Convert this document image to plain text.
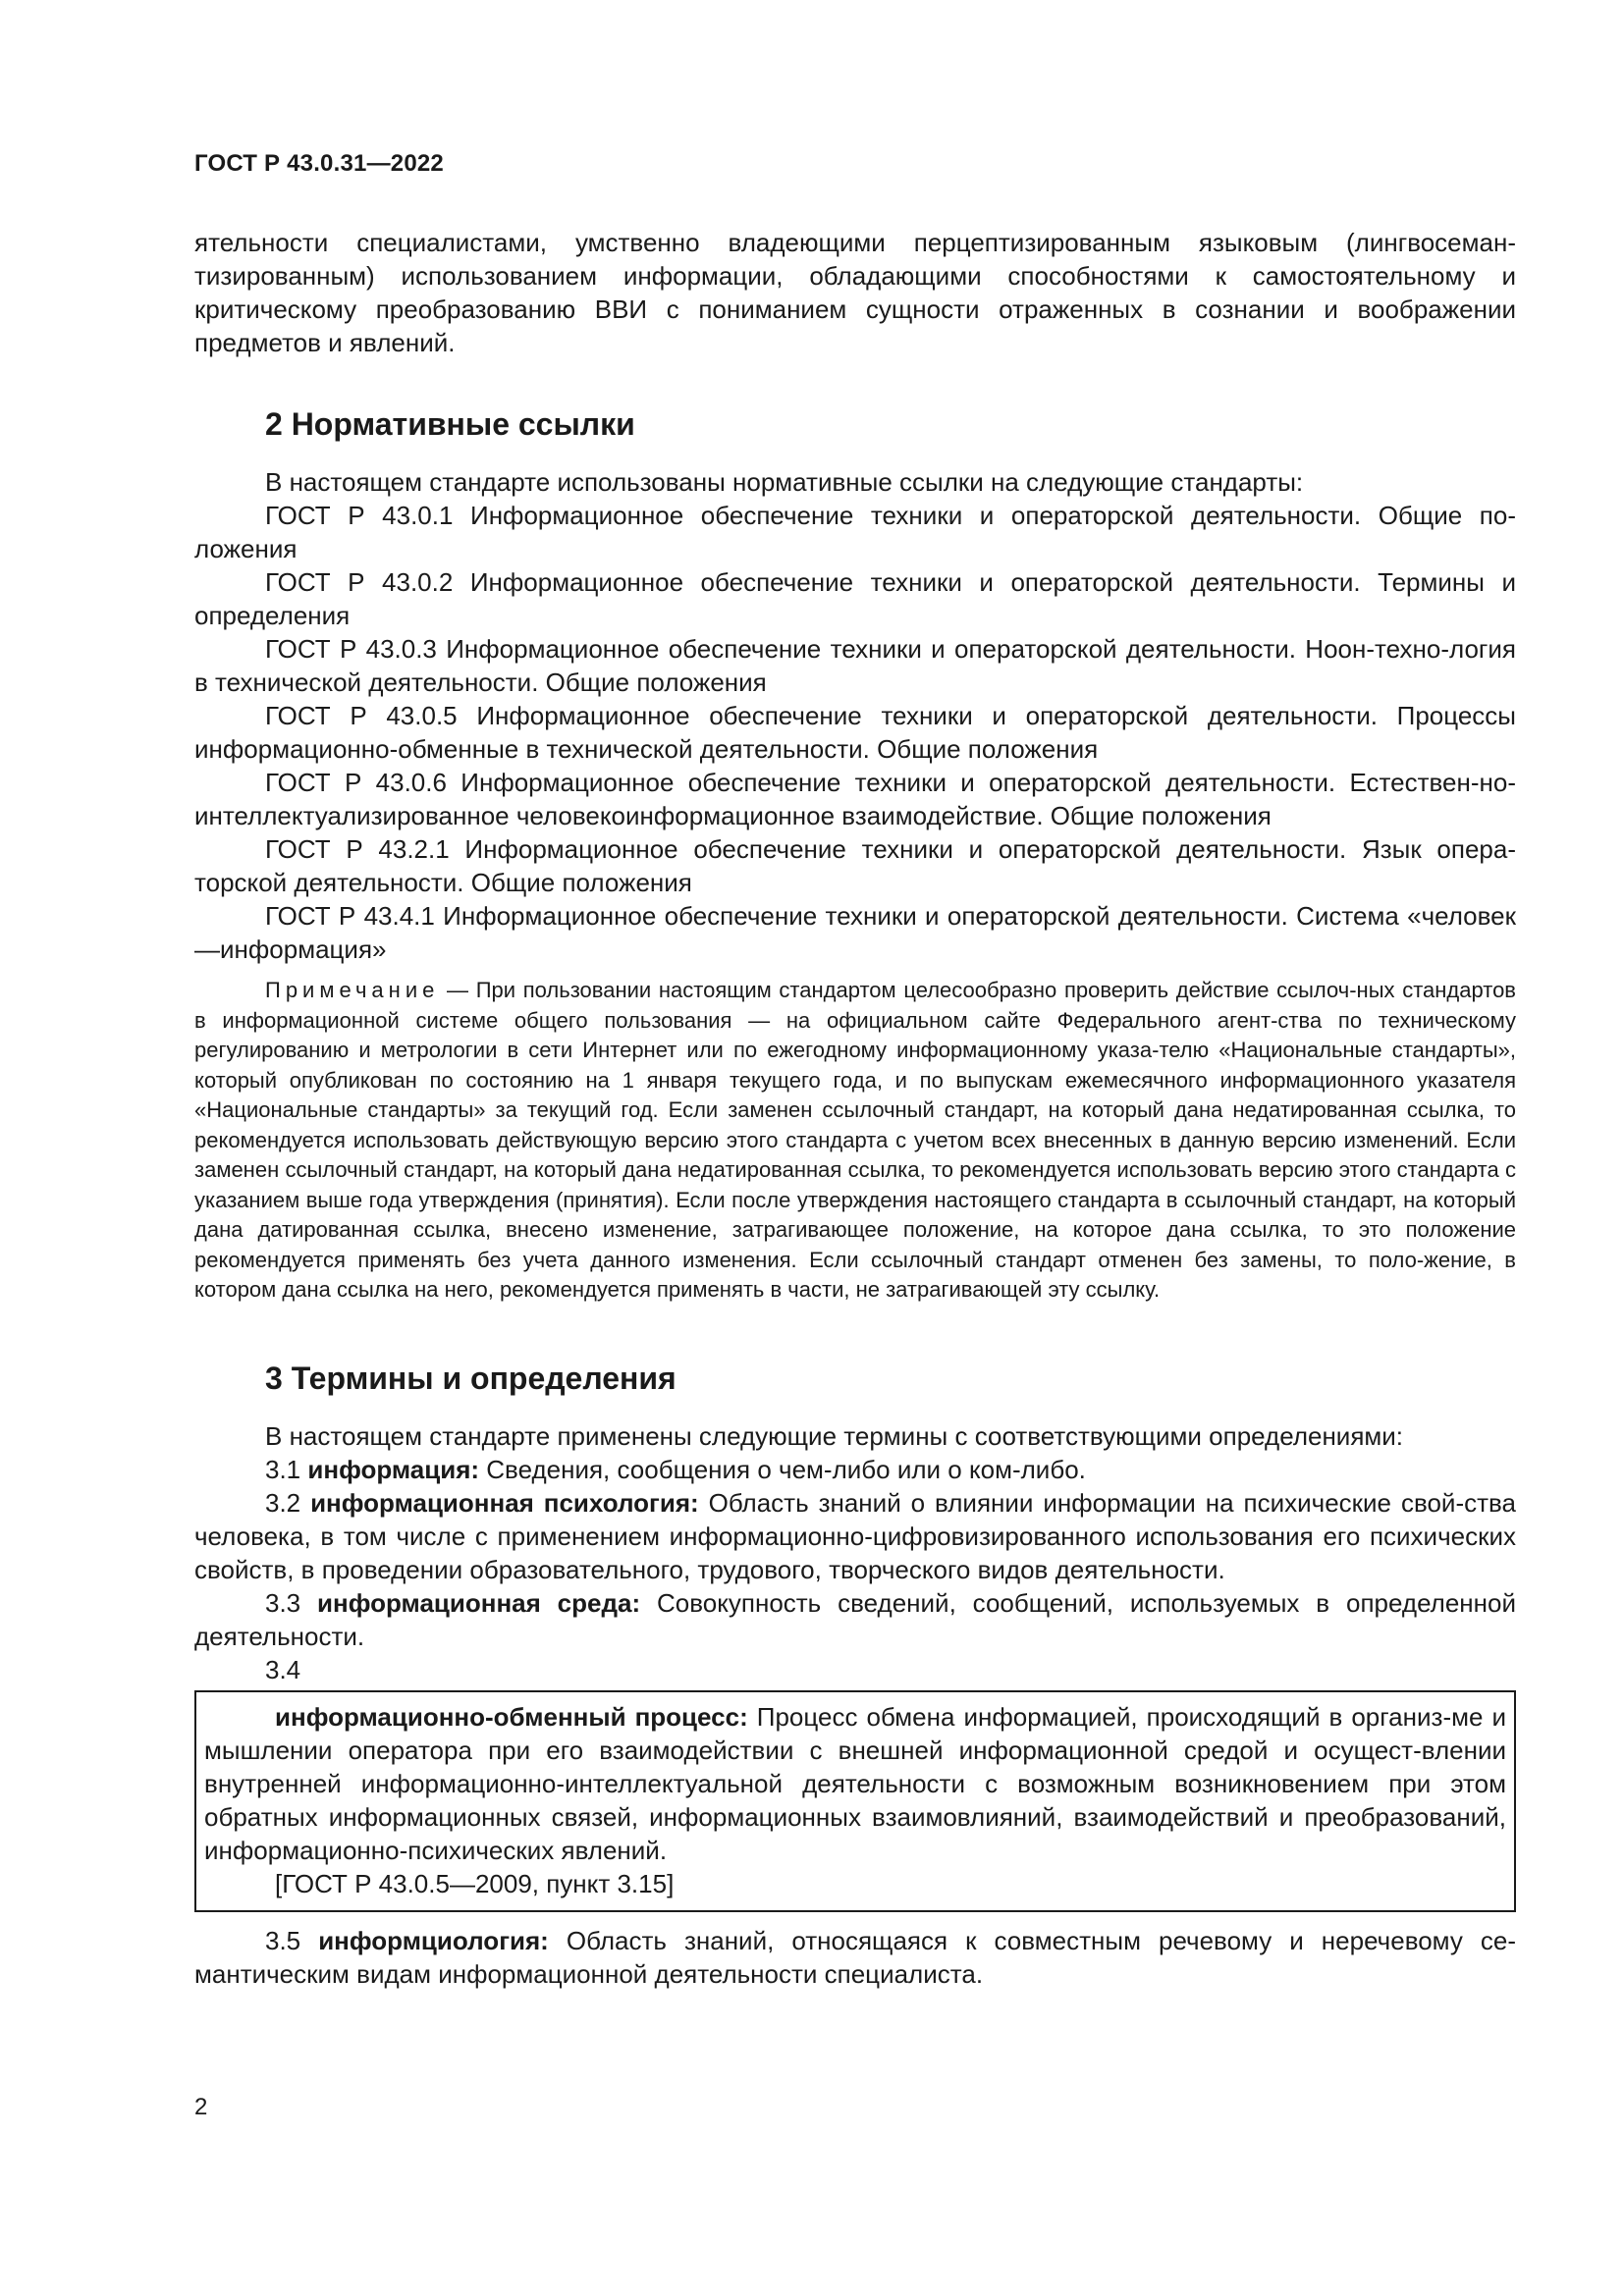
ГОСТ Р 43.0.31—2022

ятельности специалистами, умственно владеющими перцептизированным языковым (лингвосеман-тизированным) использованием информации, обладающими способностями к самостоятельному и критическому преобразованию ВВИ с пониманием сущности отраженных в сознании и воображении предметов и явлений.

2 Нормативные ссылки

В настоящем стандарте использованы нормативные ссылки на следующие стандарты:

ГОСТ Р 43.0.1 Информационное обеспечение техники и операторской деятельности. Общие по-ложения

ГОСТ Р 43.0.2 Информационное обеспечение техники и операторской деятельности. Термины и определения

ГОСТ Р 43.0.3 Информационное обеспечение техники и операторской деятельности. Ноон-техно-логия в технической деятельности. Общие положения

ГОСТ Р 43.0.5 Информационное обеспечение техники и операторской деятельности. Процессы информационно-обменные в технической деятельности. Общие положения

ГОСТ Р 43.0.6 Информационное обеспечение техники и операторской деятельности. Естествен-но-интеллектуализированное человекоинформационное взаимодействие. Общие положения

ГОСТ Р 43.2.1 Информационное обеспечение техники и операторской деятельности. Язык опера-торской деятельности. Общие положения

ГОСТ Р 43.4.1 Информационное обеспечение техники и операторской деятельности. Система «человек—информация»

Примечание — При пользовании настоящим стандартом целесообразно проверить действие ссылоч-ных стандартов в информационной системе общего пользования — на официальном сайте Федерального агент-ства по техническому регулированию и метрологии в сети Интернет или по ежегодному информационному указа-телю «Национальные стандарты», который опубликован по состоянию на 1 января текущего года, и по выпускам ежемесячного информационного указателя «Национальные стандарты» за текущий год. Если заменен ссылочный стандарт, на который дана недатированная ссылка, то рекомендуется использовать действующую версию этого стандарта с учетом всех внесенных в данную версию изменений. Если заменен ссылочный стандарт, на который дана недатированная ссылка, то рекомендуется использовать версию этого стандарта с указанием выше года утверждения (принятия). Если после утверждения настоящего стандарта в ссылочный стандарт, на который дана датированная ссылка, внесено изменение, затрагивающее положение, на которое дана ссылка, то это положение рекомендуется применять без учета данного изменения. Если ссылочный стандарт отменен без замены, то поло-жение, в котором дана ссылка на него, рекомендуется применять в части, не затрагивающей эту ссылку.
3 Термины и определения

В настоящем стандарте применены следующие термины с соответствующими определениями:

3.1 информация: Сведения, сообщения о чем-либо или о ком-либо.

3.2 информационная психология: Область знаний о влиянии информации на психические свой-ства человека, в том числе с применением информационно-цифровизированного использования его психических свойств, в проведении образовательного, трудового, творческого видов деятельности.

3.3 информационная среда: Совокупность сведений, сообщений, используемых в определенной деятельности.

3.4

информационно-обменный процесс: Процесс обмена информацией, происходящий в организ-ме и мышлении оператора при его взаимодействии с внешней информационной средой и осущест-влении внутренней информационно-интеллектуальной деятельности с возможным возникновением при этом обратных информационных связей, информационных взаимовлияний, взаимодействий и преобразований, информационно-психических явлений.

[ГОСТ Р 43.0.5—2009, пункт 3.15]

3.5 информциология: Область знаний, относящаяся к совместным речевому и неречевому се-мантическим видам информационной деятельности специалиста.

2
